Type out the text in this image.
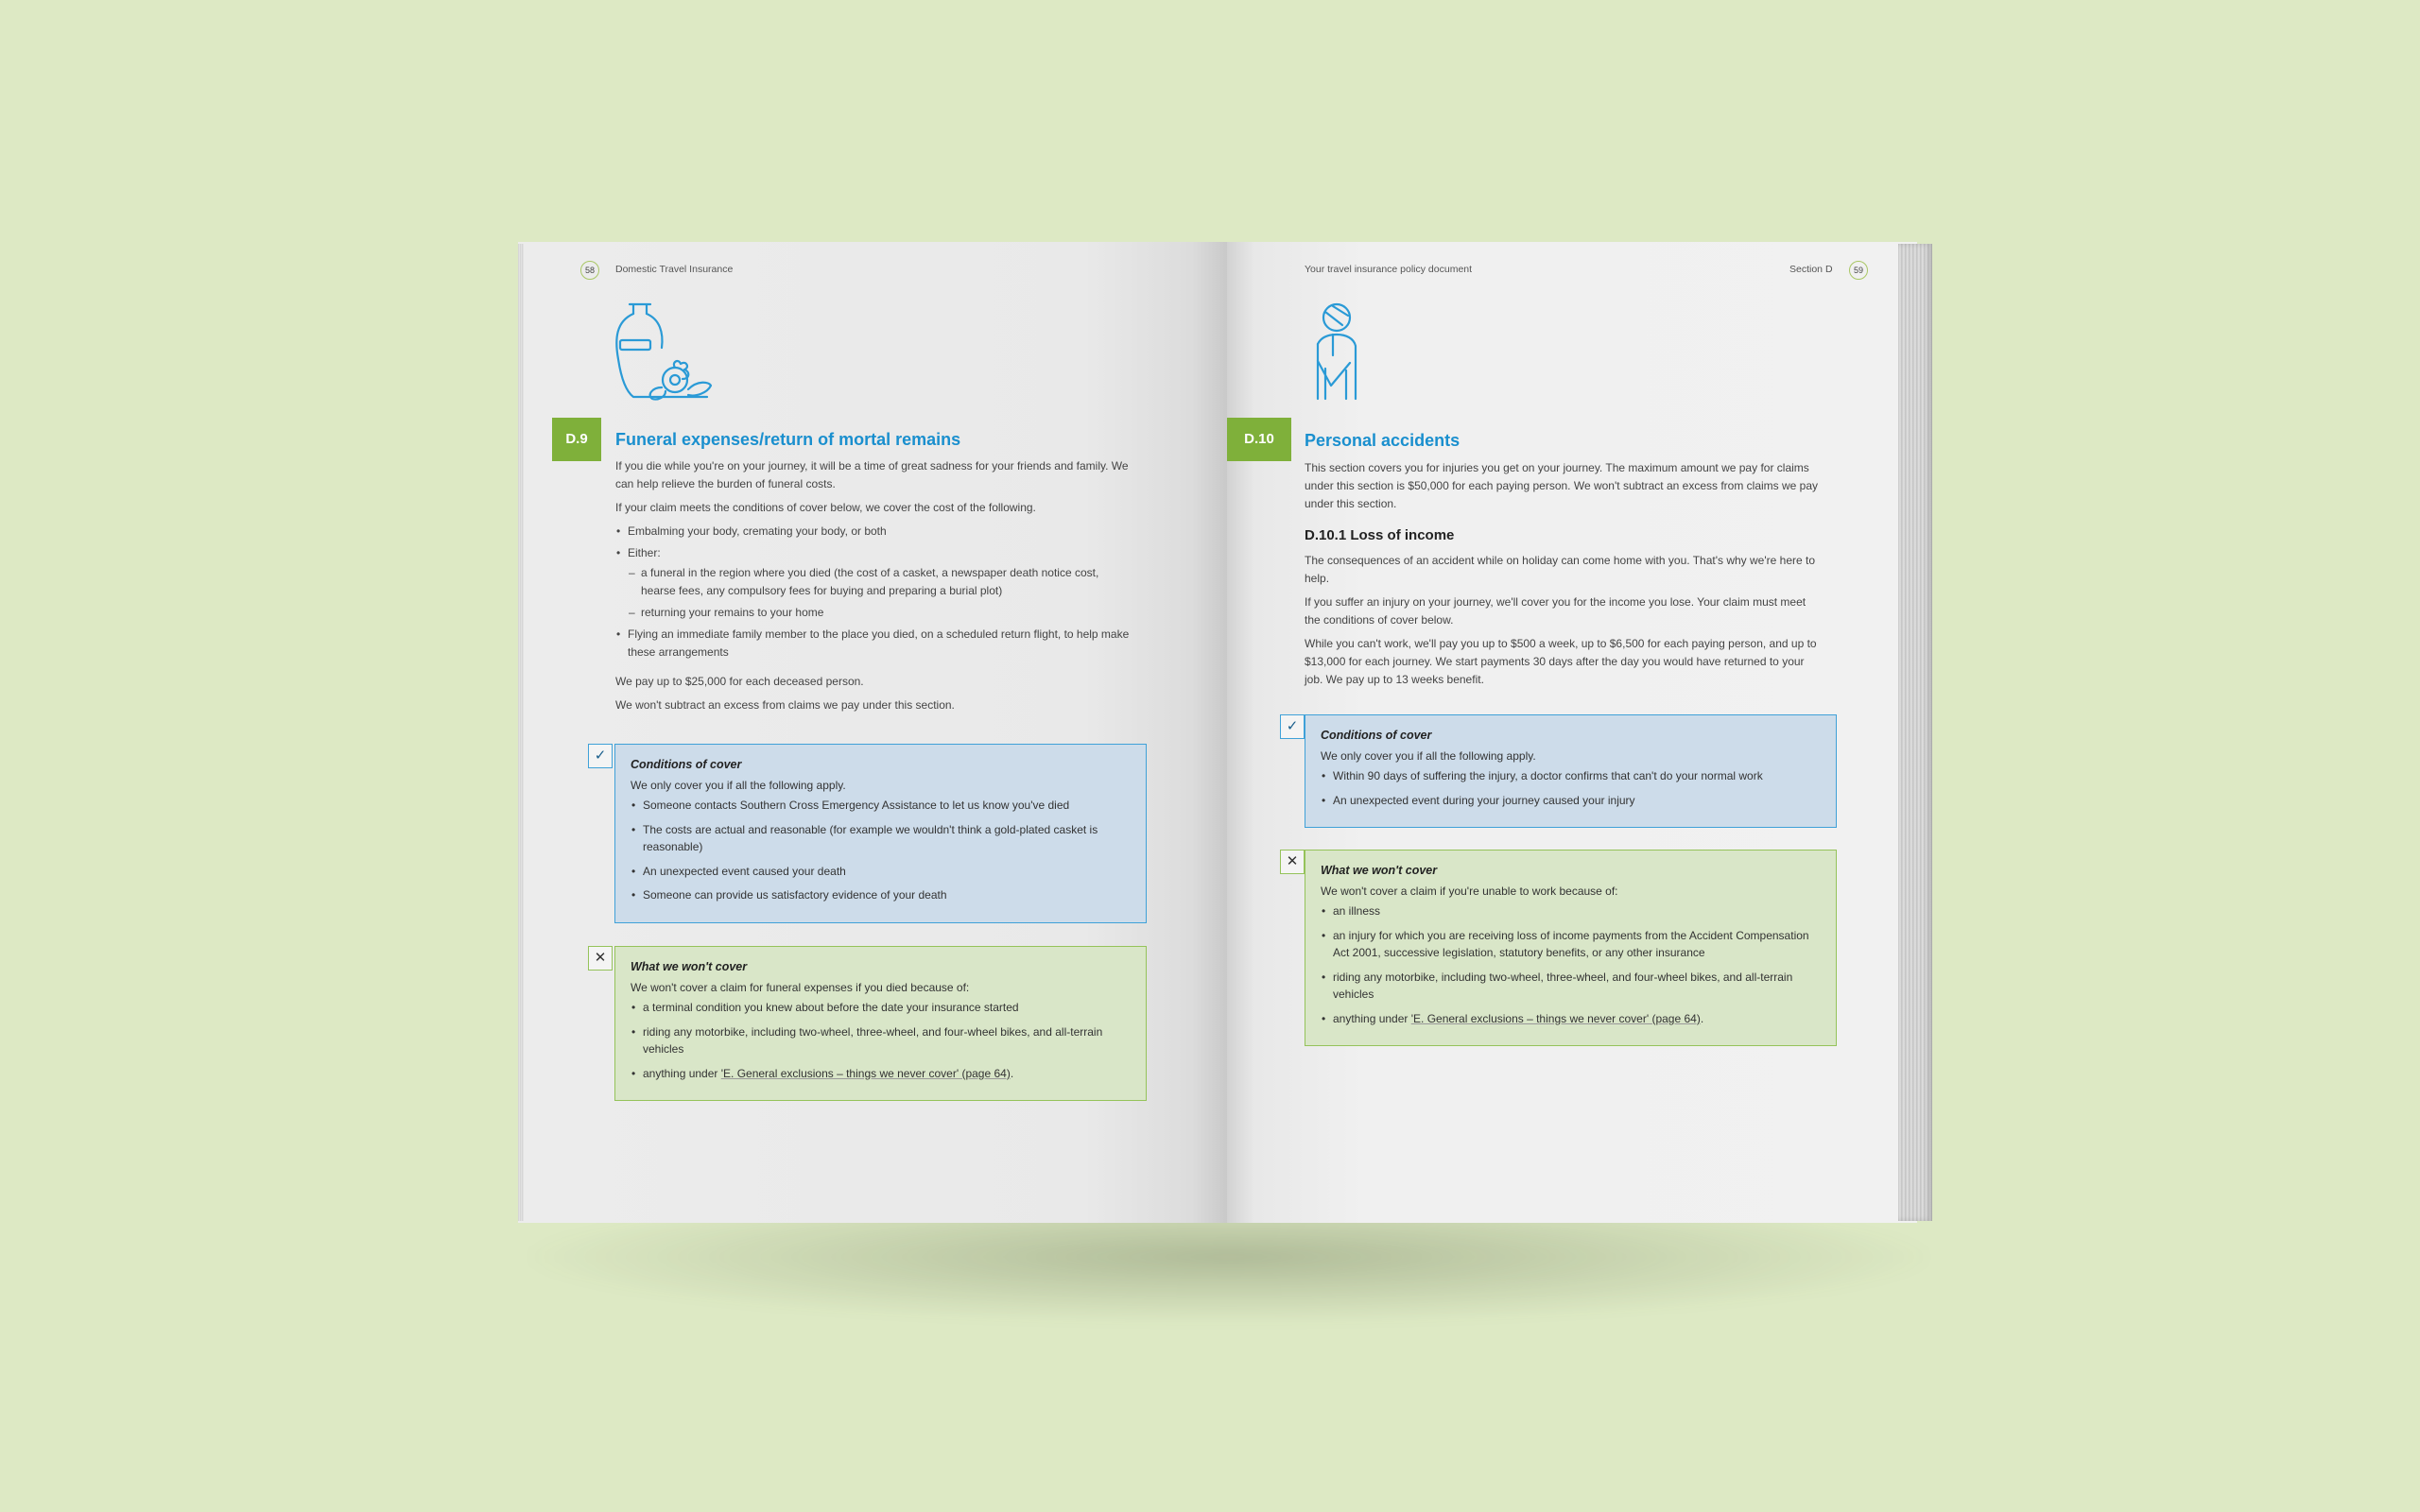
58	Domestic Travel Insurance
D.9	Funeral expenses/return of mortal remains

If you die while you're on your journey, it will be a time of great sadness for your friends and family. We can help relieve the burden of funeral costs.

If your claim meets the conditions of cover below, we cover the cost of the following.

• Embalming your body, cremating your body, or both
• Either:
– a funeral in the region where you died (the cost of a casket, a newspaper death notice cost, hearse fees, any compulsory fees for buying and preparing a burial plot)
– returning your remains to your home
• Flying an immediate family member to the place you died, on a scheduled return flight, to help make these arrangements

We pay up to $25,000 for each deceased person.

We won't subtract an excess from claims we pay under this section.

✓
Conditions of cover

We only cover you if all the following apply.

• Someone contacts Southern Cross Emergency Assistance to let us know you've died
• The costs are actual and reasonable (for example we wouldn't think a gold-plated casket is reasonable)
• An unexpected event caused your death
• Someone can provide us satisfactory evidence of your death
✕
What we won't cover

We won't cover a claim for funeral expenses if you died because of:

• a terminal condition you knew about before the date your insurance started
• riding any motorbike, including two-wheel, three-wheel, and four-wheel bikes, and all-terrain vehicles
• anything under 'E. General exclusions – things we never cover' (page 64).
Your travel insurance policy document	Section D	59
D.10	Personal accidents
This section covers you for injuries you get on your journey. The maximum amount we pay for claims under this section is $50,000 for each paying person. We won't subtract an excess from claims we pay under this section.
D.10.1 Loss of income

The consequences of an accident while on holiday can come home with you. That's why we're here to help.

If you suffer an injury on your journey, we'll cover you for the income you lose. Your claim must meet the conditions of cover below.

While you can't work, we'll pay you up to $500 a week, up to $6,500 for each paying person, and up to $13,000 for each journey. We start payments 30 days after the day you would have returned to your job. We pay up to 13 weeks benefit.

✓
Conditions of cover

We only cover you if all the following apply.

• Within 90 days of suffering the injury, a doctor confirms that can't do your normal work
• An unexpected event during your journey caused your injury
✕
What we won't cover

We won't cover a claim if you're unable to work because of:

• an illness
• an injury for which you are receiving loss of income payments from the Accident Compensation Act 2001, successive legislation, statutory benefits, or any other insurance
• riding any motorbike, including two-wheel, three-wheel, and four-wheel bikes, and all-terrain vehicles
• anything under 'E. General exclusions – things we never cover' (page 64).
